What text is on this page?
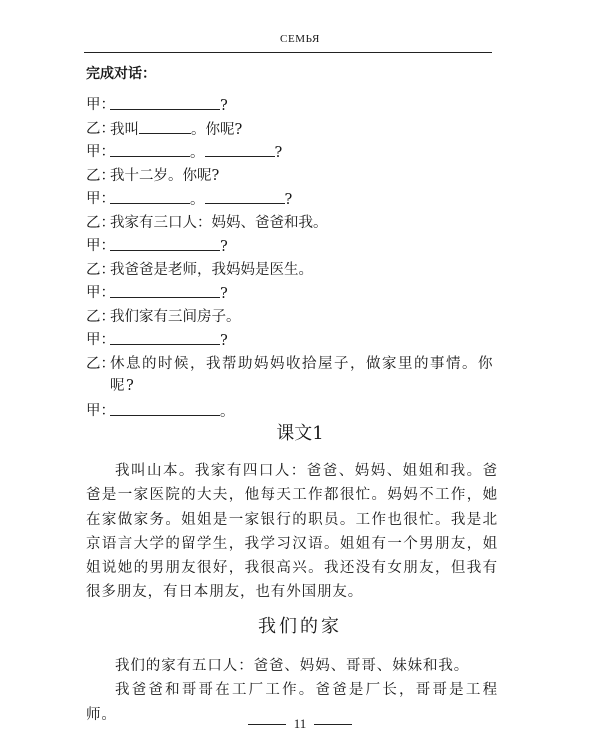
СЕМЬЯ
完成对话：
甲：	?
乙：
我叫	。你呢?
甲：	。	?
乙：
我十二岁。你呢?
甲：	。	?
乙：
我家有三口人：妈妈、爸爸和我。
甲：	?
乙：
我爸爸是老师，我妈妈是医生。
甲：	?
乙：
我们家有三间房子。
甲：	?
乙：
休息的时候，我帮助妈妈收拾屋子，做家里的事情。你呢?
甲：	。
课文1
我叫山本。我家有四口人：爸爸、妈妈、姐姐和我。爸爸是一家医院的大夫，他每天工作都很忙。妈妈不工作，她在家做家务。姐姐是一家银行的职员。工作也很忙。我是北京语言大学的留学生，我学习汉语。姐姐有一个男朋友，姐姐说她的男朋友很好，我很高兴。我还没有女朋友，但我有很多朋友，有日本朋友，也有外国朋友。
我们的家
我们的家有五口人：爸爸、妈妈、哥哥、妹妹和我。
我爸爸和哥哥在工厂工作。爸爸是厂长，哥哥是工程师。
11
